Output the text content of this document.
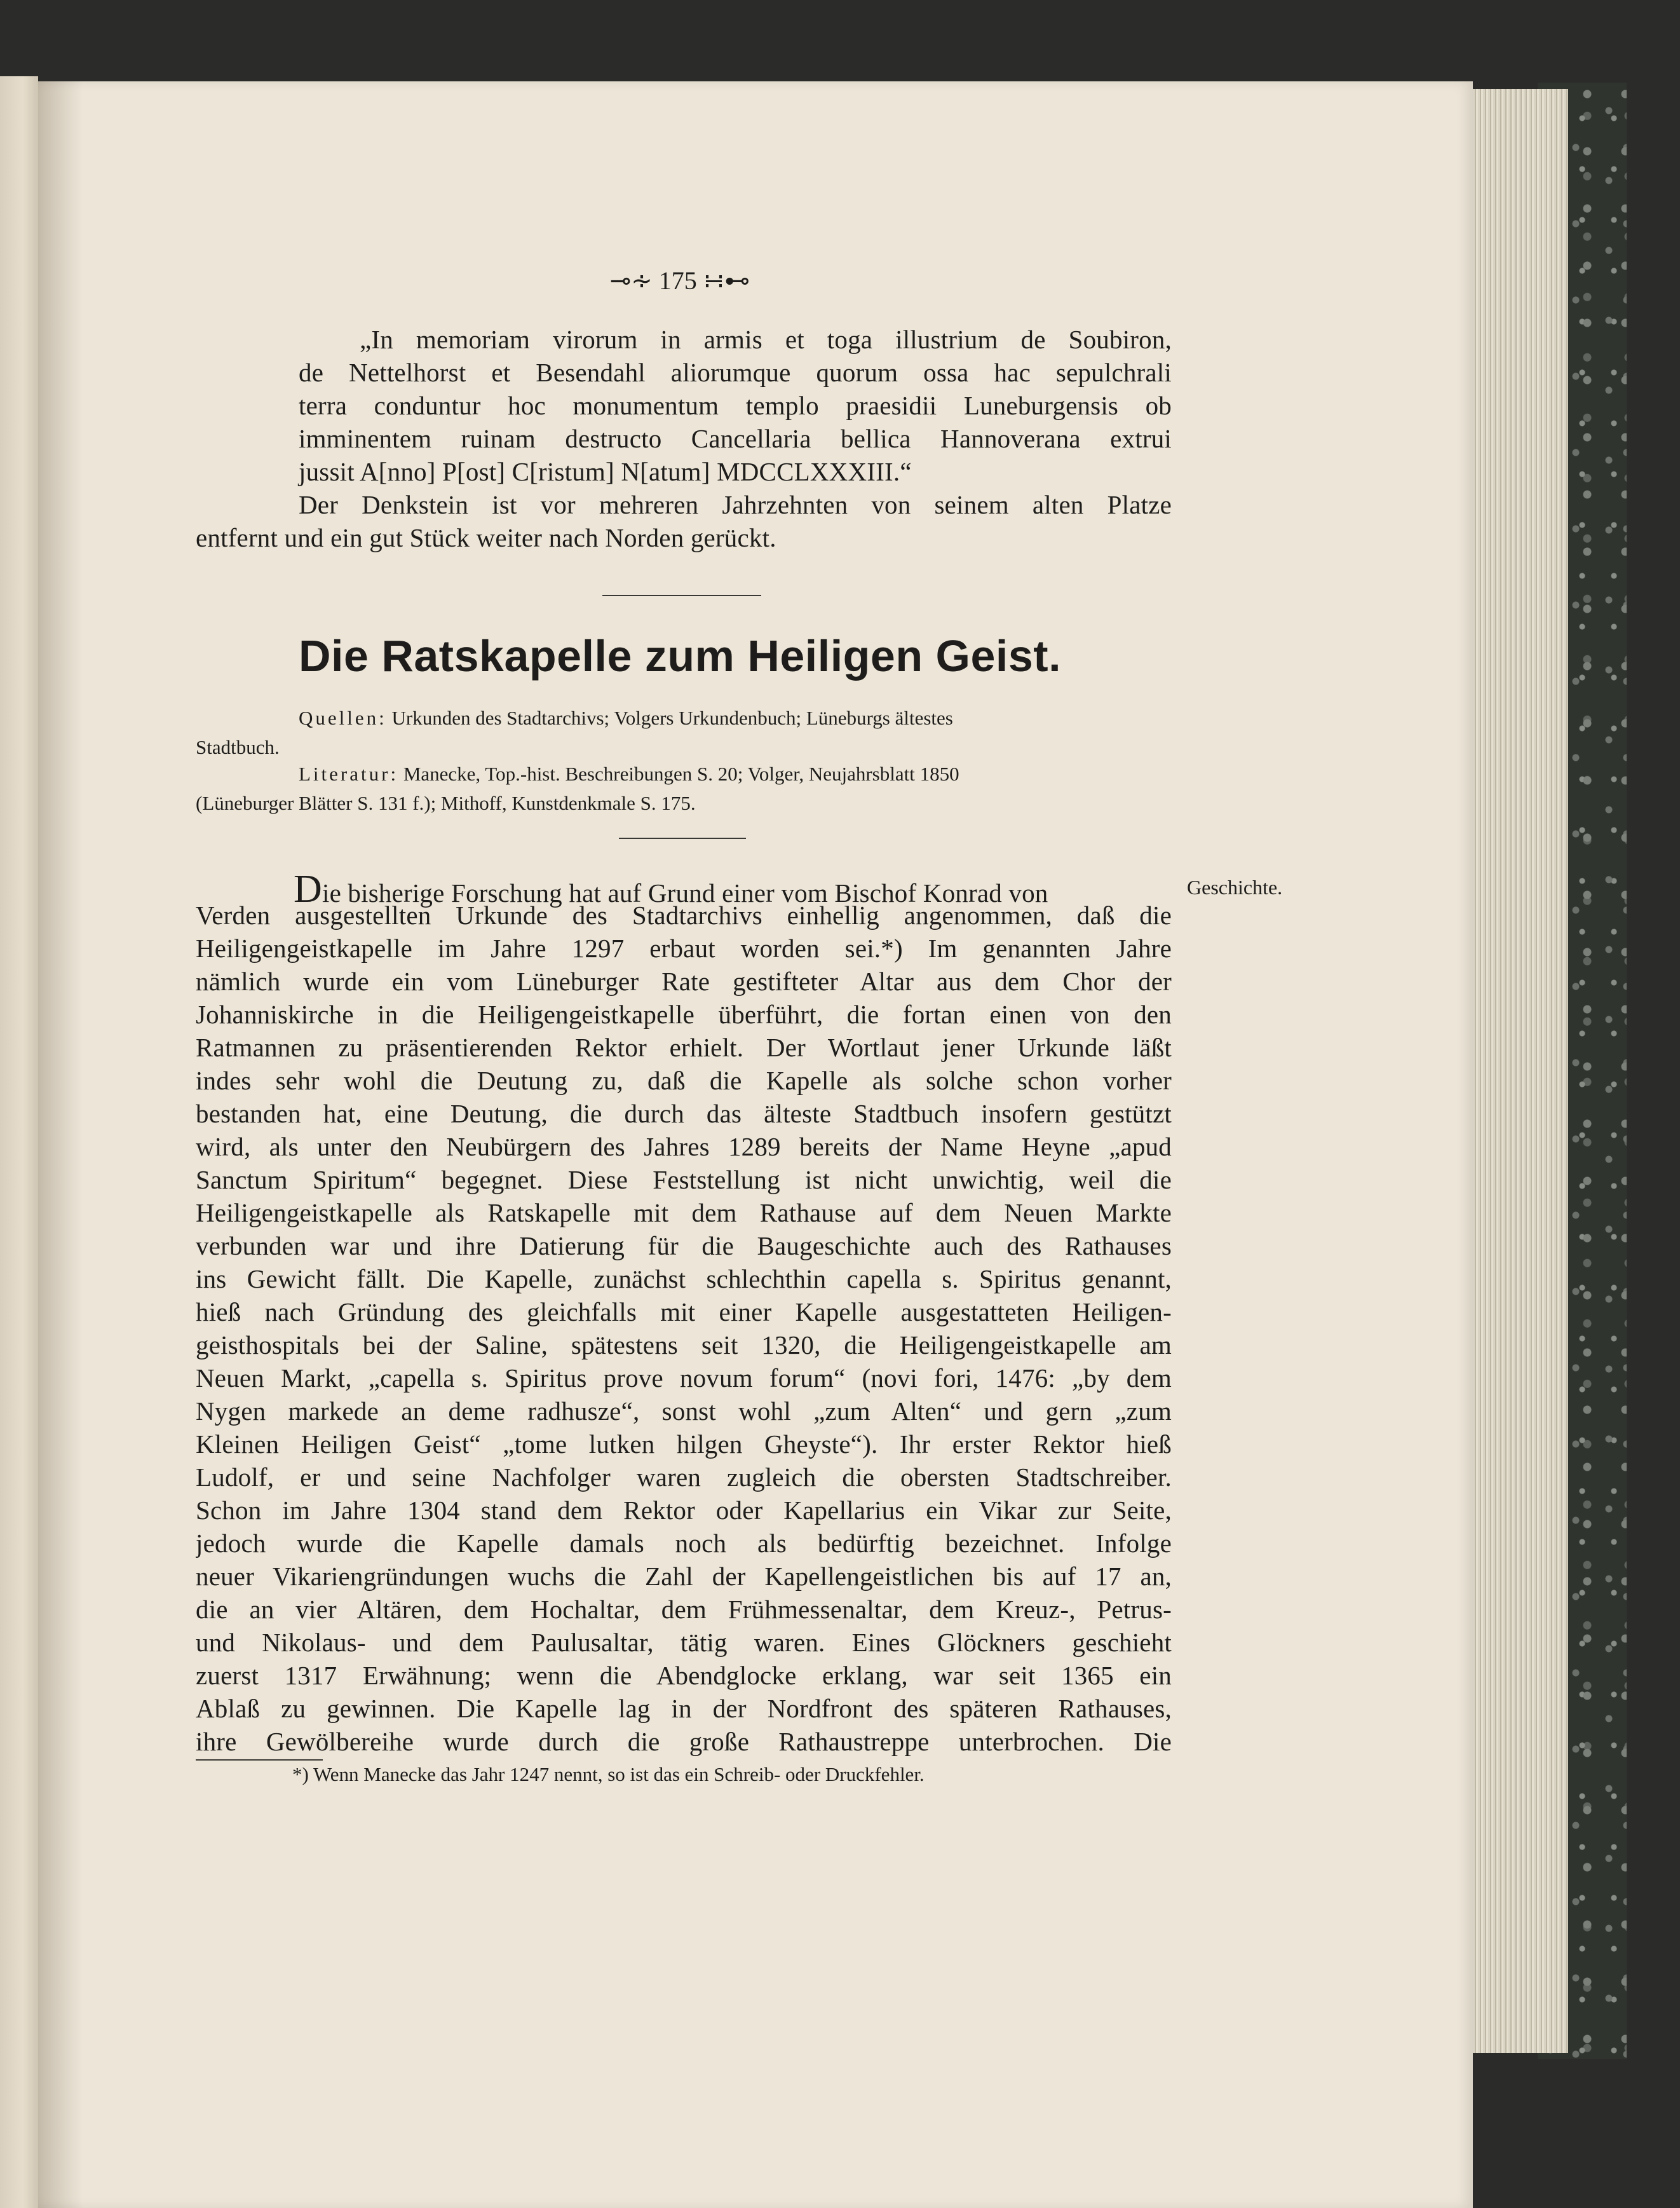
⊸∻ 175 ∺⊷
„In memoriam virorum in armis et toga illustrium de Soubiron,
de Nettelhorst et Besendahl aliorumque quorum ossa hac sepulchrali
terra conduntur hoc monumentum templo praesidii Luneburgensis ob
imminentem ruinam destructo Cancellaria bellica Hannoverana extrui
jussit A[nno] P[ost] C[ristum] N[atum] MDCCLXXXIII.“
Der Denkstein ist vor mehreren Jahrzehnten von seinem alten Platze
entfernt und ein gut Stück weiter nach Norden gerückt.
Die Ratskapelle zum Heiligen Geist.
Quellen: Urkunden des Stadtarchivs; Volgers Urkundenbuch; Lüneburgs ältestes
Stadtbuch.
Literatur: Manecke, Top.-hist. Beschreibungen S. 20; Volger, Neujahrsblatt 1850
(Lüneburger Blätter S. 131 f.); Mithoff, Kunstdenkmale S. 175.
Geschichte.
Die bisherige Forschung hat auf Grund einer vom Bischof Konrad von
Verden ausgestellten Urkunde des Stadtarchivs einhellig angenommen, daß die
Heiligengeistkapelle im Jahre 1297 erbaut worden sei.*) Im genannten Jahre
nämlich wurde ein vom Lüneburger Rate gestifteter Altar aus dem Chor der
Johanniskirche in die Heiligengeistkapelle überführt, die fortan einen von den
Ratmannen zu präsentierenden Rektor erhielt. Der Wortlaut jener Urkunde läßt
indes sehr wohl die Deutung zu, daß die Kapelle als solche schon vorher
bestanden hat, eine Deutung, die durch das älteste Stadtbuch insofern gestützt
wird, als unter den Neubürgern des Jahres 1289 bereits der Name Heyne „apud
Sanctum Spiritum“ begegnet. Diese Feststellung ist nicht unwichtig, weil die
Heiligengeistkapelle als Ratskapelle mit dem Rathause auf dem Neuen Markte
verbunden war und ihre Datierung für die Baugeschichte auch des Rathauses
ins Gewicht fällt. Die Kapelle, zunächst schlechthin capella s. Spiritus genannt,
hieß nach Gründung des gleichfalls mit einer Kapelle ausgestatteten Heiligen-
geisthospitals bei der Saline, spätestens seit 1320, die Heiligengeistkapelle am
Neuen Markt, „capella s. Spiritus prove novum forum“ (novi fori, 1476: „by dem
Nygen markede an deme radhusze“, sonst wohl „zum Alten“ und gern „zum
Kleinen Heiligen Geist“ „tome lutken hilgen Gheyste“). Ihr erster Rektor hieß
Ludolf, er und seine Nachfolger waren zugleich die obersten Stadtschreiber.
Schon im Jahre 1304 stand dem Rektor oder Kapellarius ein Vikar zur Seite,
jedoch wurde die Kapelle damals noch als bedürftig bezeichnet. Infolge
neuer Vikariengründungen wuchs die Zahl der Kapellengeistlichen bis auf 17 an,
die an vier Altären, dem Hochaltar, dem Frühmessenaltar, dem Kreuz-, Petrus-
und Nikolaus- und dem Paulusaltar, tätig waren. Eines Glöckners geschieht
zuerst 1317 Erwähnung; wenn die Abendglocke erklang, war seit 1365 ein
Ablaß zu gewinnen. Die Kapelle lag in der Nordfront des späteren Rathauses,
ihre Gewölbereihe wurde durch die große Rathaustreppe unterbrochen. Die
*) Wenn Manecke das Jahr 1247 nennt, so ist das ein Schreib- oder Druckfehler.
